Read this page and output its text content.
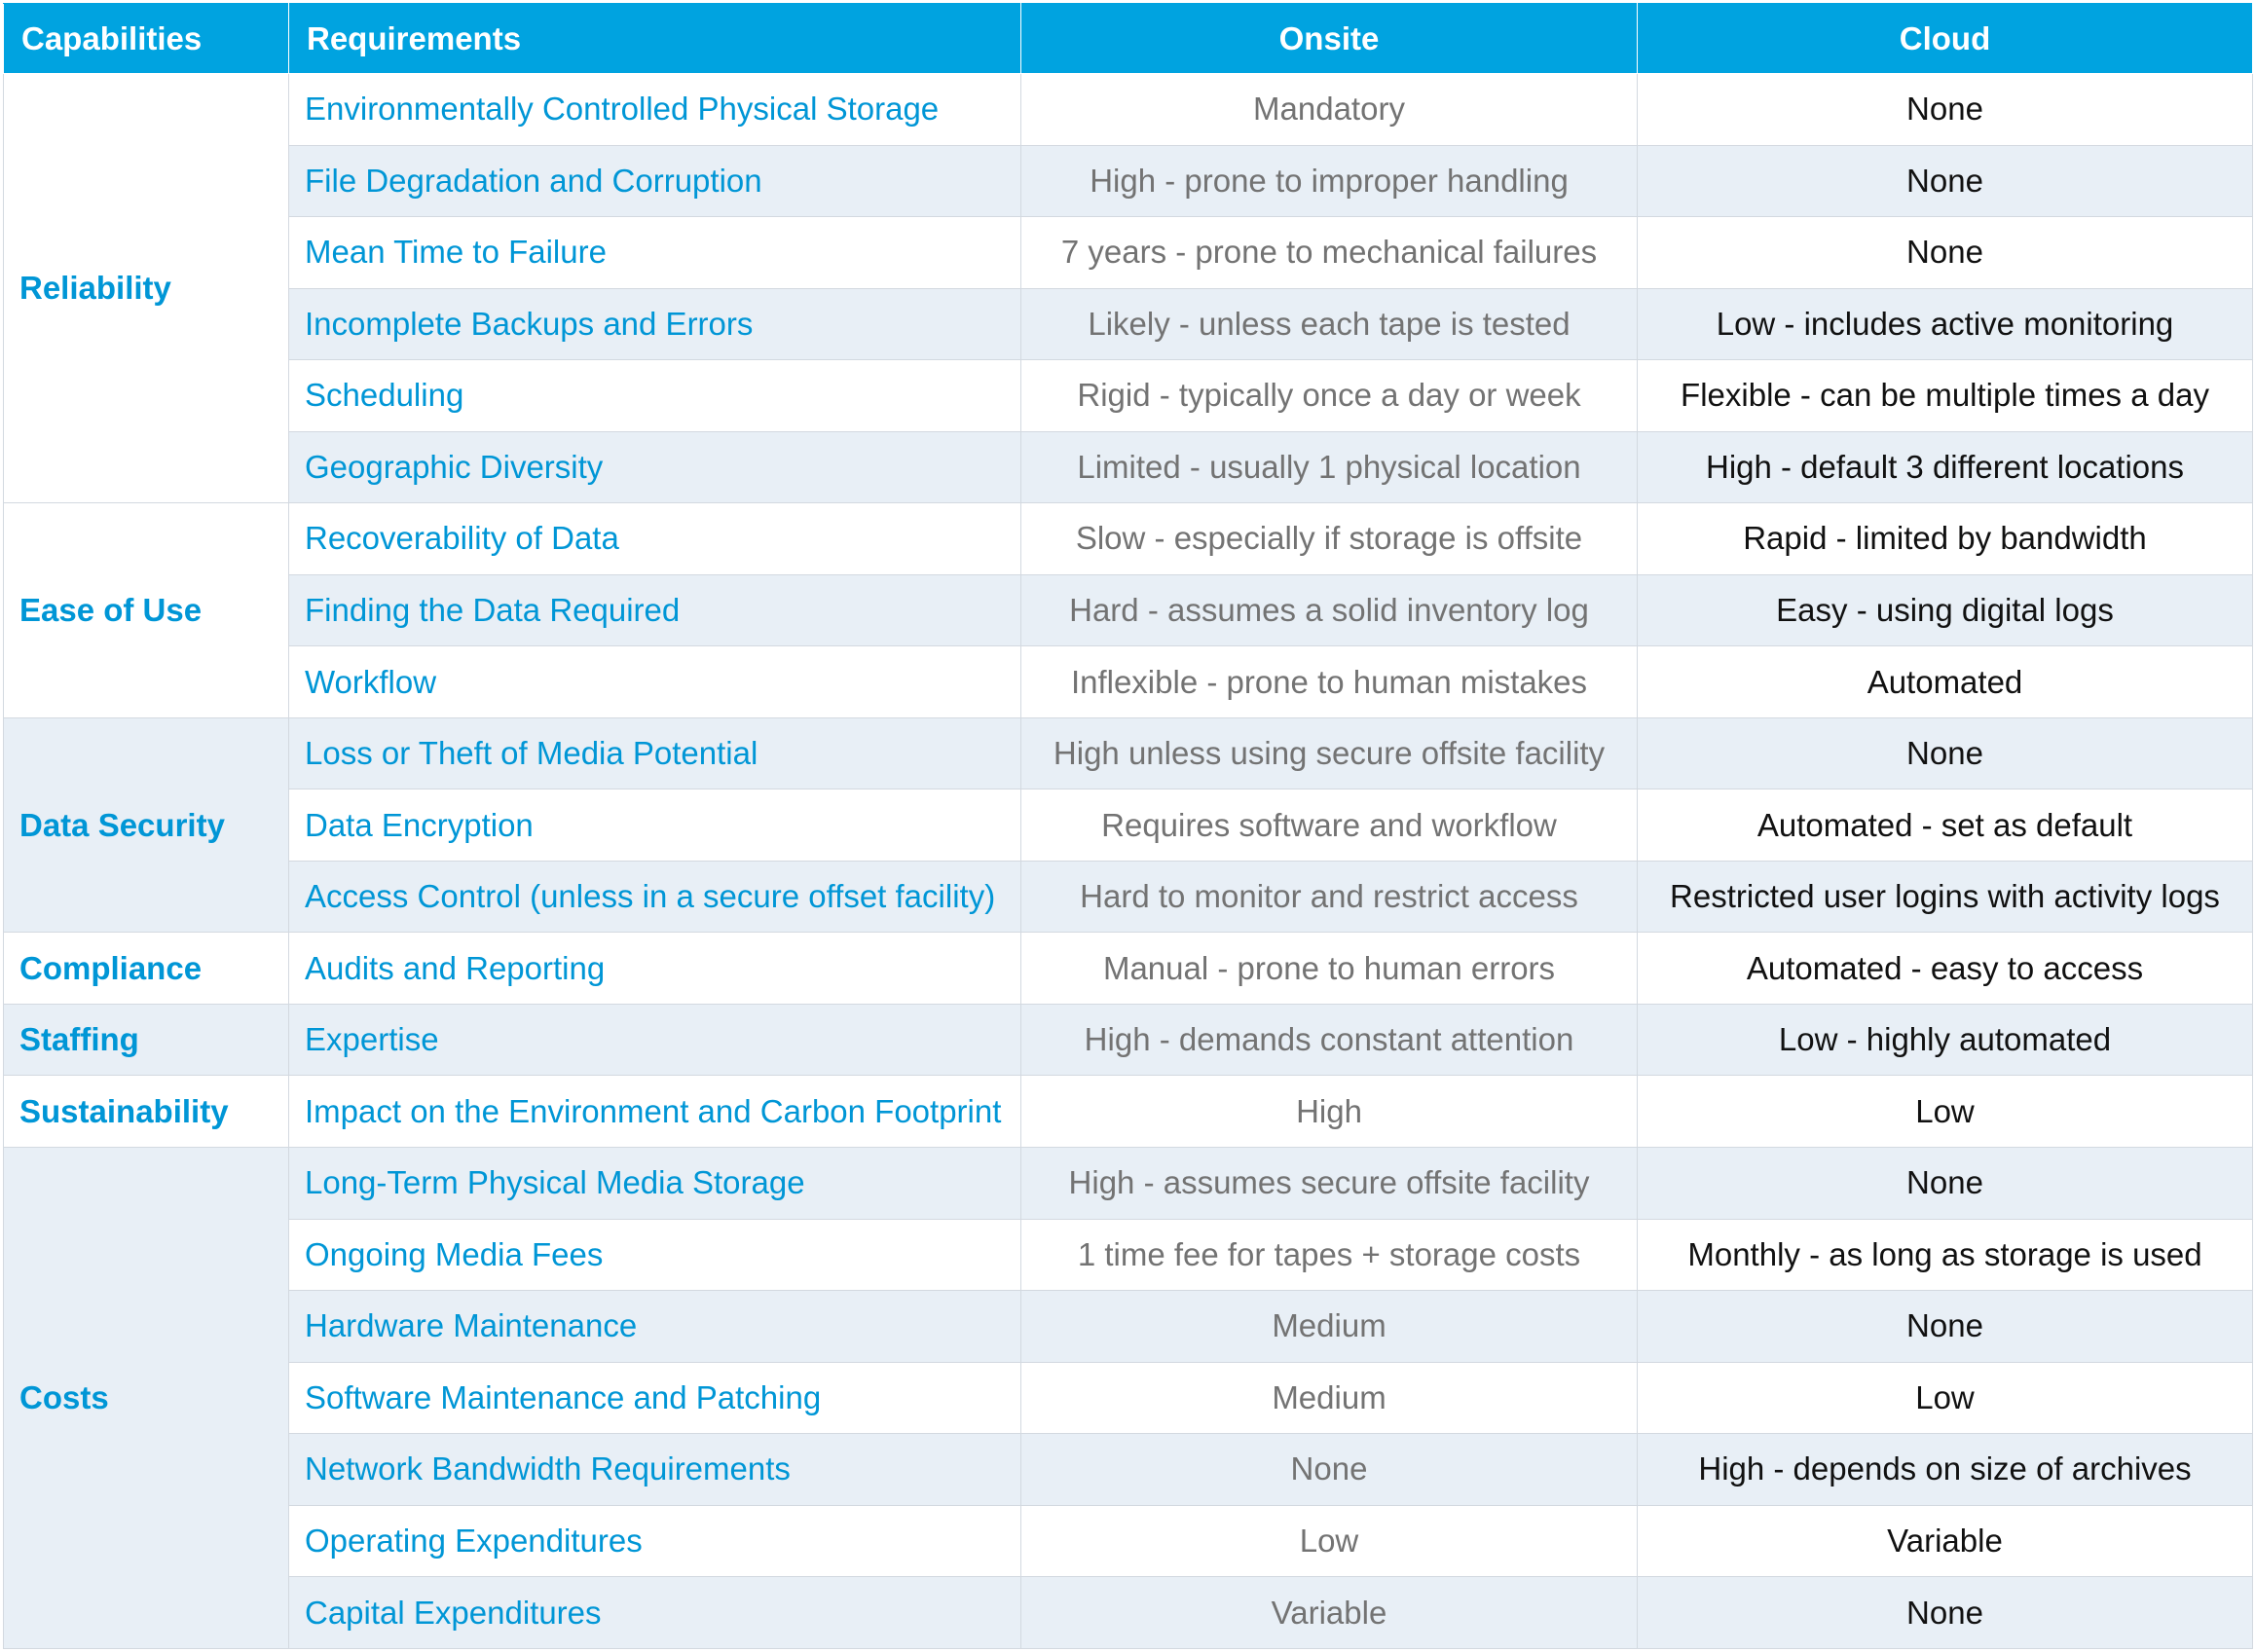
Capabilities	Requirements	Onsite	Cloud
Reliability	Environmentally Controlled Physical Storage	Mandatory	None
	File Degradation and Corruption	High - prone to improper handling	None
	Mean Time to Failure	7 years - prone to mechanical failures	None
	Incomplete Backups and Errors	Likely - unless each tape is tested	Low - includes active monitoring
	Scheduling	Rigid - typically once a day or week	Flexible - can be multiple times a day
	Geographic Diversity	Limited - usually 1 physical location	High - default 3 different locations
Ease of Use	Recoverability of Data	Slow - especially if storage is offsite	Rapid - limited by bandwidth
	Finding the Data Required	Hard - assumes a solid inventory log	Easy - using digital logs
	Workflow	Inflexible - prone to human mistakes	Automated
Data Security	Loss or Theft of Media Potential	High unless using secure offsite facility	None
	Data Encryption	Requires software and workflow	Automated - set as default
	Access Control (unless in a secure offset facility)	Hard to monitor and restrict access	Restricted user logins with activity logs
Compliance	Audits and Reporting	Manual - prone to human errors	Automated - easy to access
Staffing	Expertise	High - demands constant attention	Low - highly automated
Sustainability	Impact on the Environment and Carbon Footprint	High	Low
Costs	Long-Term Physical Media Storage	High - assumes secure offsite facility	None
	Ongoing Media Fees	1 time fee for tapes + storage costs	Monthly - as long as storage is used
	Hardware Maintenance	Medium	None
	Software Maintenance and Patching	Medium	Low
	Network Bandwidth Requirements	None	High - depends on size of archives
	Operating Expenditures	Low	Variable
	Capital Expenditures	Variable	None
